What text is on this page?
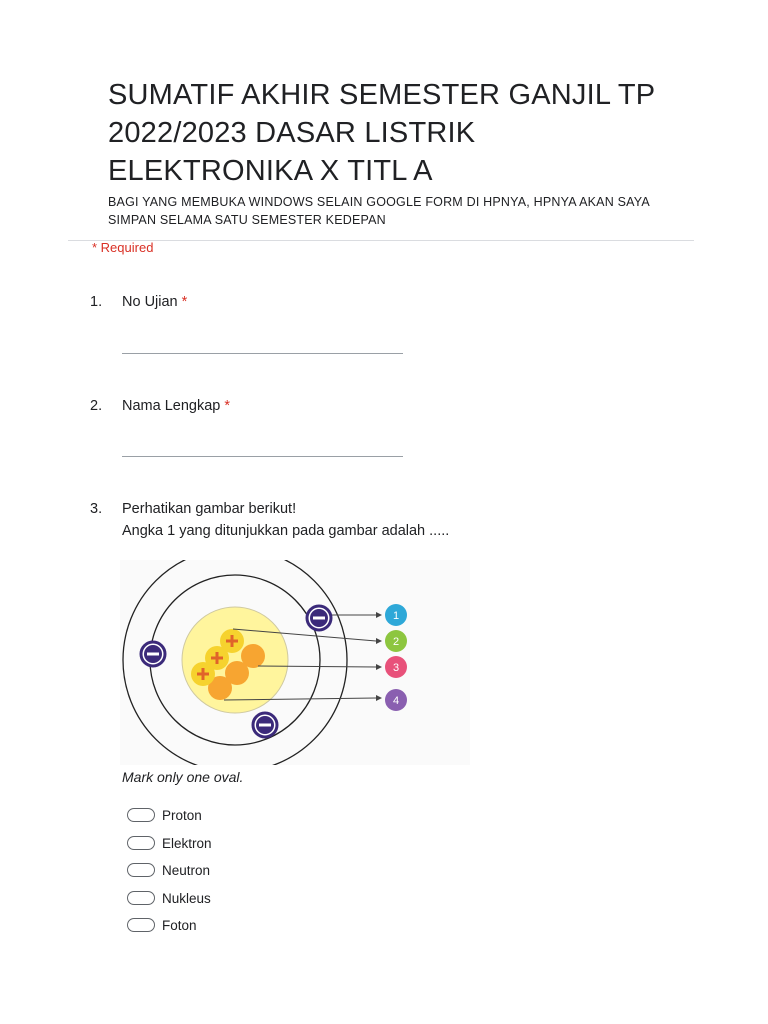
SUMATIF AKHIR SEMESTER GANJIL TP 2022/2023 DASAR LISTRIK ELEKTRONIKA X TITL A
BAGI YANG MEMBUKA WINDOWS SELAIN GOOGLE FORM DI HPNYA, HPNYA AKAN SAYA SIMPAN SELAMA SATU SEMESTER KEDEPAN
* Required
1. No Ujian *
2. Nama Lengkap *
3. Perhatikan gambar berikut!
Angka 1 yang ditunjukkan pada gambar adalah .....
1
2
3
4
Mark only one oval.
Proton
Elektron
Neutron
Nukleus
Foton
